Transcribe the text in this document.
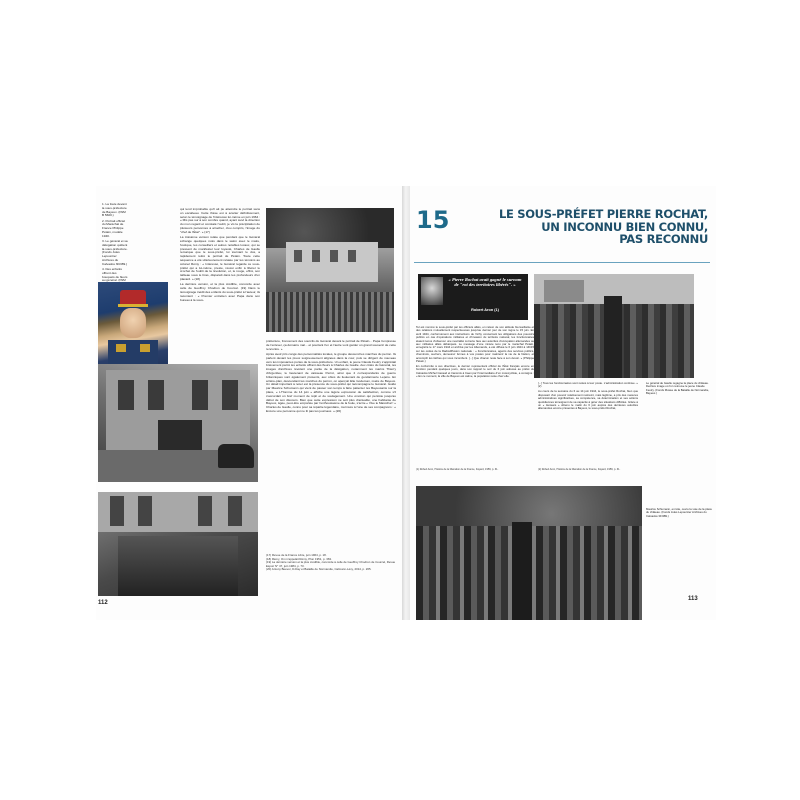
1. La foule devant la sous-préfecture de Bayeux. (IWM B 5600.)

2. Portrait officiel du Maréchal de France Philippe Pétain, modèle 1940.

3. Le général et sa délégation quittent la sous-préfecture. (Fonds Jules Lepourcier Archives du Calvados 3Fi389.)

4. Des enfants offrent des bouquets de fleurs au général. (IWM

qui tend improbable qu'il ait pu atteindre le portrait sans un escabeau. Cette thèse est à écarter définitivement, selon le témoignage de l'intéressé lui-même en juin 1964 : « Mis pas sur à son combre quand, ayant suivi la direction du mon regard et constaté l'oubli, je vis la précipitation de plusieurs personnes à arracher, clou compris, l'image du "chef de l'État". » (17)

La troisième version relate que pendant que le Général échange quelques mots dans le salon avec le maire, l'évêque, les conseillers et autres notables locaux, qui se pressent de manifester leur loyauté, Charles de Gaulle remarque que le sous-préfet, lui tournant le dos, a rapidement retiré le portrait de Pétain. Toute cette séquence a été ultérieurement relatée par les témoins au colonel Rémy : « Intéressé, le Général regarde ce sous-préfet qui a lui-même, preste, réussi enfin à libérer le crochet de l'oubli de la révolution, et, le rouge, effroi, son tableau sous le bras, disparaît dans les profondeurs d'un placard. » (18)

La dernière version, et la plus crédible, concorde avec celle de Geoffroy Chodron de Courcel. (19) Dans le témoignage inédit des enfants du sous-préfet à l'auteur, ils racontent : « Premier entretien avec Papa dans son bureau à la sous-

préfecture, froncement des sourcils du Général devant le portrait de Pétain... Papa l'empresse de l'enlever, ça démarre mal... et pourtant l'un et l'autre vont garder un grand souvenir de cette rencontre. »

Après avoir pris congé des personnalités locales, le groupe descend les marches du perron. Ils parlent devant les preux soigneusement alignées dans la cour, puis se dirigent de nouveau vers les imposantes portes de la sous-préfecture. Un enfant, le jeune Claude Feutry s'apprêtait brièvement parmi les enfants offrant des fleurs à Charles de Gaulle. Aux côtés du Général, les images d'archives révèlent une partie de la délégation, notamment les marins Thierry d'Argenlieu, le lieutenant de vaisseau Perrot, ainsi que 2 correspondants de guerre britanniques sont également présents, aux côtés du lieutenant de gendarmerie Lepère. En arrière-plan, descendant les marches du perron, on aperçoit Elie Godeman, maire de Bayeux. Un détail important à noter est la présence du sous-préfet qui raccompagne le Général. Guidé par Maurice Schumann qui vient de passer son temps à faire patienter les Bayeusains sur la place, « L'Homme du 14 juin » affiche une légère expression de satisfaction, comme s'il s'accordait un bref moment de répit et de soulagement. Une émotion qui persiste jusqu'au début de son discours. Bien que cette expression ne soit plus d'actualité, une habitante de Bayeux, âgée, peut-être emportée par l'enthousiasme de la foule, s'écrie « Vive le Maréchal ! » Charles de Gaulle, connu pour sa répartie légendaire, murmure à l'une de ses compagnons : « Encore une personne qui ne lit pas les journaux. » (20)

(17) Revue de la France Libre, juin 1964, p. 18.

(18) Rémy, On m'appelait Rémy, Plon 1951, p. 363.

(19) La dernière version et la plus crédible, concorde à celle de Geoffroy Chodron de Courcel, Revue Espoir N° 47, juin 1984, p. 73.

(20) Antony Beevor, D-Day et Bataille de Normandie, Calmann-Lévy, 2014, p. 265.

112
15	LE SOUS-PRÉFET PIERRE ROCHAT,
UN INCONNU BIEN CONNU,
PAS RECONNU
« Pierre Rochat avait gagné le surnom de "roi des territoires libérés". »
Robert Aron (1)

Tel est nommé le sous-préfet par les officiers alliés, en raison de son attitude bienveillante et des relations mutuellement respectueuses jusqu'au dernier jour de son règne le 15 juin. En avril 1944, conformément aux instructions de Vichy concernant les obligations des pouvoirs publics en cas d'opérations militaires et d'invasion du territoire national, les fonctionnaires étaient tenus d'observer une neutralité correcte face aux autorités d'occupation allemandes ou aux militaires alliés débarqués. Le message d'une minute tenu par le maréchal Pétain, enregistré le 17 mars 1944 et archivé par les Allemands, a été diffusé le 6 juin 1944 à 14h15 sur les ondes de la Radiodiffusion nationale : « Fonctionnaires, agents des services publics, cheminots, ouvriers, demeurez fermes à vos postes pour maintenir la vie de la Nation, et accomplir les tâches qui vous incombent. [...] Que chacun reste face à son devoir. » (Philippe Pétain.)

En conformité à ces directives, le dernier représentant officiel de l'État français encore en fonction pendant quelques jours, dans son rapport le soir du 6 juin adressé au préfet du Calvados Michel Cacaud et transmis à Caen par l'intermédiaire d'un motocycliste, a consigné : « En ce moment, la ville de Bayeux est calme, la population reste chez elle.

[...] Tous les fonctionnaires sont restés à leur poste. L'administration continue. » (2)

Au cours de la semaine du 6 au 14 juin 1944, le sous-préfet Rochat, bien que disposant d'un pouvoir relativement restreint, mais légitime, a pris des mesures administratives significatives, sa compétence, sa détermination et ses actions quotidiennes témoignent de sa capacité à gérer des situations difficiles. Grâce à un « Ausweis » obtenu le matin du 6 juin auprès des dernières autorités allemandes encore présentes à Bayeux, le sous-préfet Rochat,

Le général de Gaulle regagne la place du château. Derrière image où l'on retrouve le jeune Claude Feutry. (Fonds Musée de la Bataille de Normandie, Bayeux.)
Maurice Schumann, en tête, ouvre la voie de la place du château. (Fonds Jules Lepourcier Archives du Calvados 3Fi389.)

(1) Robert Aron, Histoire de la libération de la France, Fayard, 1959, p. 31.	(2) Robert Aron, Histoire de la libération de la France, Fayard, 1959, p. 31.

113
